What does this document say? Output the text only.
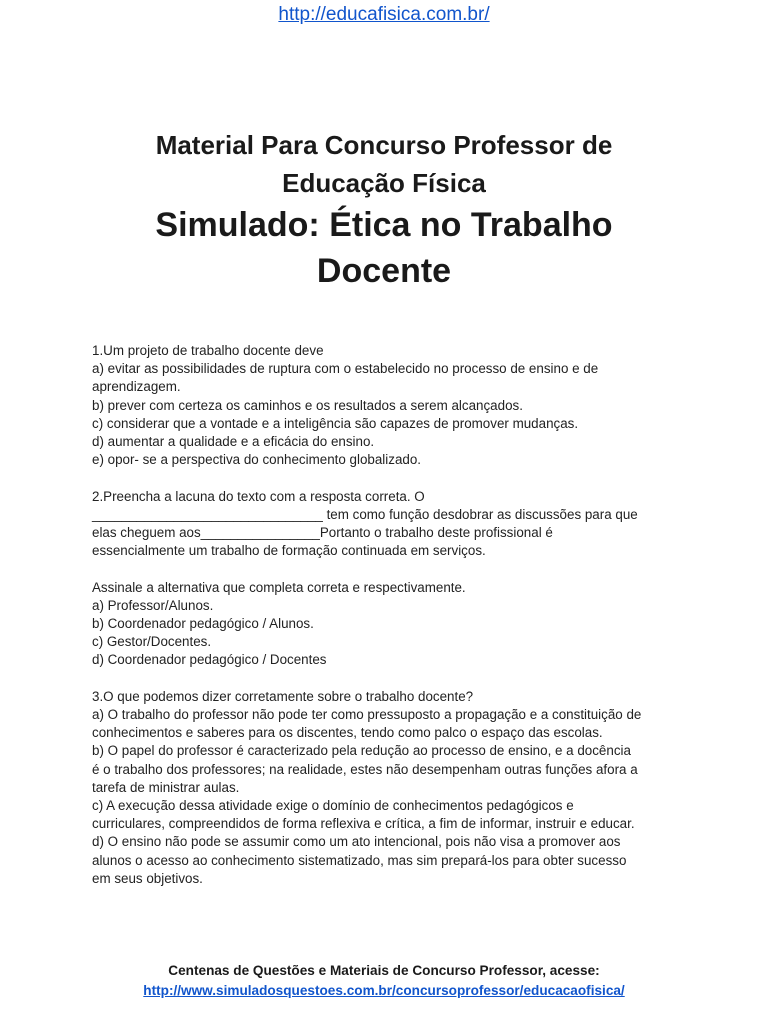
http://educafisica.com.br/

Material Para Concurso Professor de

Educação Física

Simulado: Ética no Trabalho

Docente

1.Um projeto de trabalho docente deve

a) evitar as possibilidades de ruptura com o estabelecido no processo de ensino e de

aprendizagem.

b) prever com certeza os caminhos e os resultados a serem alcançados.

c) considerar que a vontade e a inteligência são capazes de promover mudanças.

d) aumentar a qualidade e a eficácia do ensino.

e) opor- se a perspectiva do conhecimento globalizado.

2.Preencha a lacuna do texto com a resposta correta. O

_______________________________ tem como função desdobrar as discussões para que

elas cheguem aos________________Portanto o trabalho deste profissional é

essencialmente um trabalho de formação continuada em serviços.

Assinale a alternativa que completa correta e respectivamente.

a) Professor/Alunos.

b) Coordenador pedagógico / Alunos.

c) Gestor/Docentes.

d) Coordenador pedagógico / Docentes

3.O que podemos dizer corretamente sobre o trabalho docente?

a) O trabalho do professor não pode ter como pressuposto a propagação e a constituição de

conhecimentos e saberes para os discentes, tendo como palco o espaço das escolas.

b) O papel do professor é caracterizado pela redução ao processo de ensino, e a docência

é o trabalho dos professores; na realidade, estes não desempenham outras funções afora a

tarefa de ministrar aulas.

c) A execução dessa atividade exige o domínio de conhecimentos pedagógicos e

curriculares, compreendidos de forma reflexiva e crítica, a fim de informar, instruir e educar.

d) O ensino não pode se assumir como um ato intencional, pois não visa a promover aos

alunos o acesso ao conhecimento sistematizado, mas sim prepará-los para obter sucesso

em seus objetivos.

Centenas de Questões e Materiais de Concurso Professor, acesse:
http://www.simuladosquestoes.com.br/concursoprofessor/educacaofisica/
